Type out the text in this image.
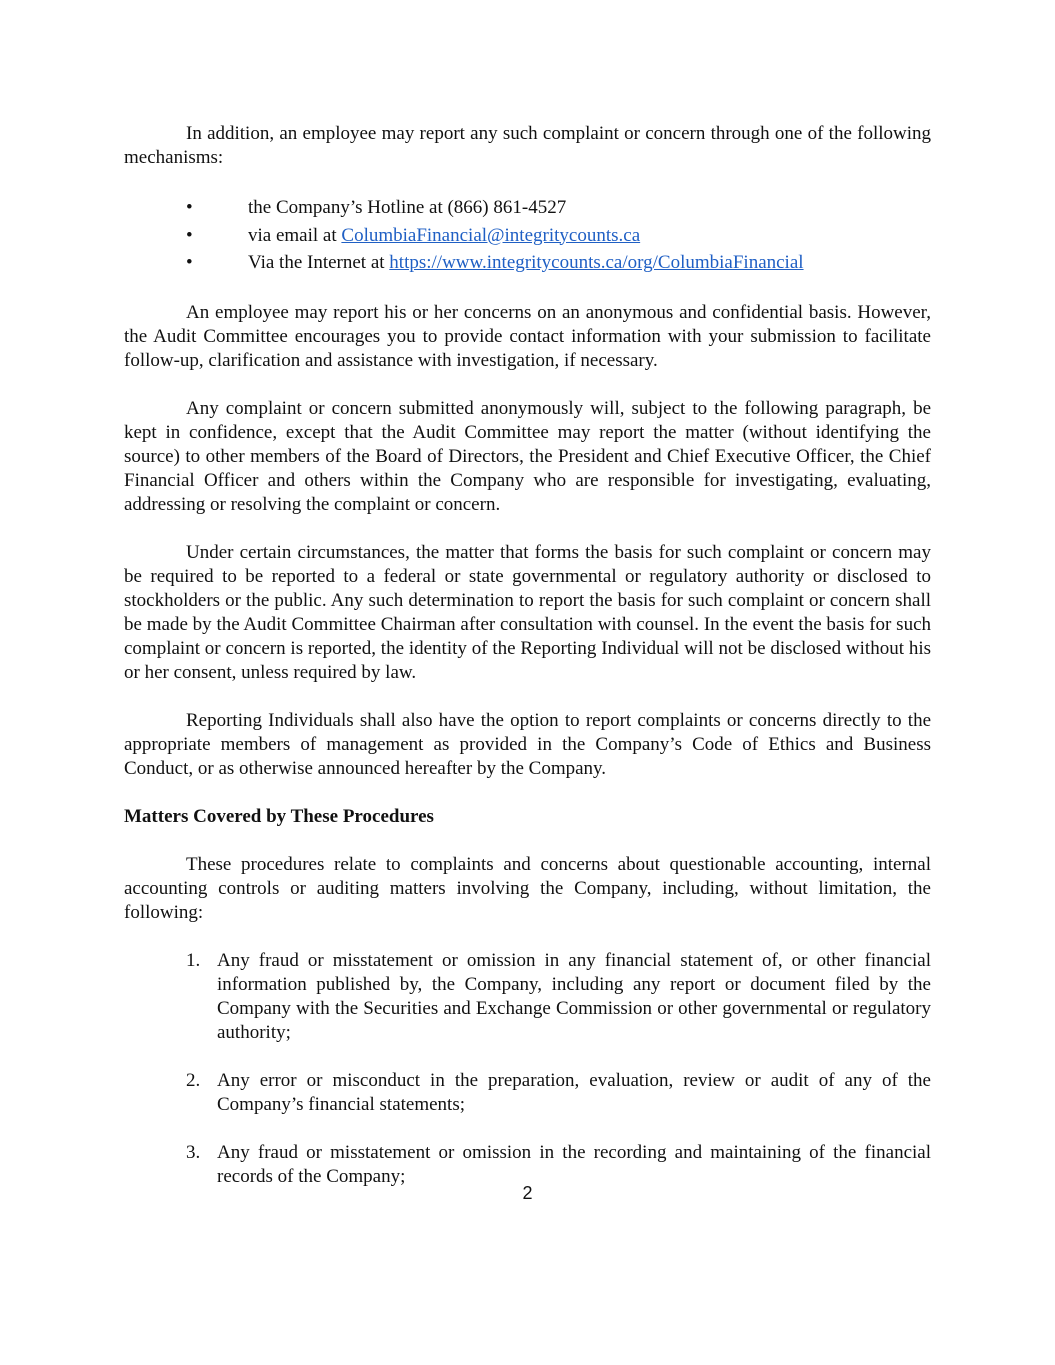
In addition, an employee may report any such complaint or concern through one of the following mechanisms:

•	the Company’s Hotline at (866) 861-4527
•	via email at ColumbiaFinancial@integritycounts.ca
•	Via the Internet at https://www.integritycounts.ca/org/ColumbiaFinancial

An employee may report his or her concerns on an anonymous and confidential basis. However, the Audit Committee encourages you to provide contact information with your submission to facilitate follow-up, clarification and assistance with investigation, if necessary.

Any complaint or concern submitted anonymously will, subject to the following paragraph, be kept in confidence, except that the Audit Committee may report the matter (without identifying the source) to other members of the Board of Directors, the President and Chief Executive Officer, the Chief Financial Officer and others within the Company who are responsible for investigating, evaluating, addressing or resolving the complaint or concern.

Under certain circumstances, the matter that forms the basis for such complaint or concern may be required to be reported to a federal or state governmental or regulatory authority or disclosed to stockholders or the public. Any such determination to report the basis for such complaint or concern shall be made by the Audit Committee Chairman after consultation with counsel. In the event the basis for such complaint or concern is reported, the identity of the Reporting Individual will not be disclosed without his or her consent, unless required by law.

Reporting Individuals shall also have the option to report complaints or concerns directly to the appropriate members of management as provided in the Company’s Code of Ethics and Business Conduct, or as otherwise announced hereafter by the Company.

Matters Covered by These Procedures

These procedures relate to complaints and concerns about questionable accounting, internal accounting controls or auditing matters involving the Company, including, without limitation, the following:

1. Any fraud or misstatement or omission in any financial statement of, or other financial information published by, the Company, including any report or document filed by the Company with the Securities and Exchange Commission or other governmental or regulatory authority;
2. Any error or misconduct in the preparation, evaluation, review or audit of any of the Company’s financial statements;
3. Any fraud or misstatement or omission in the recording and maintaining of the financial records of the Company;
2
